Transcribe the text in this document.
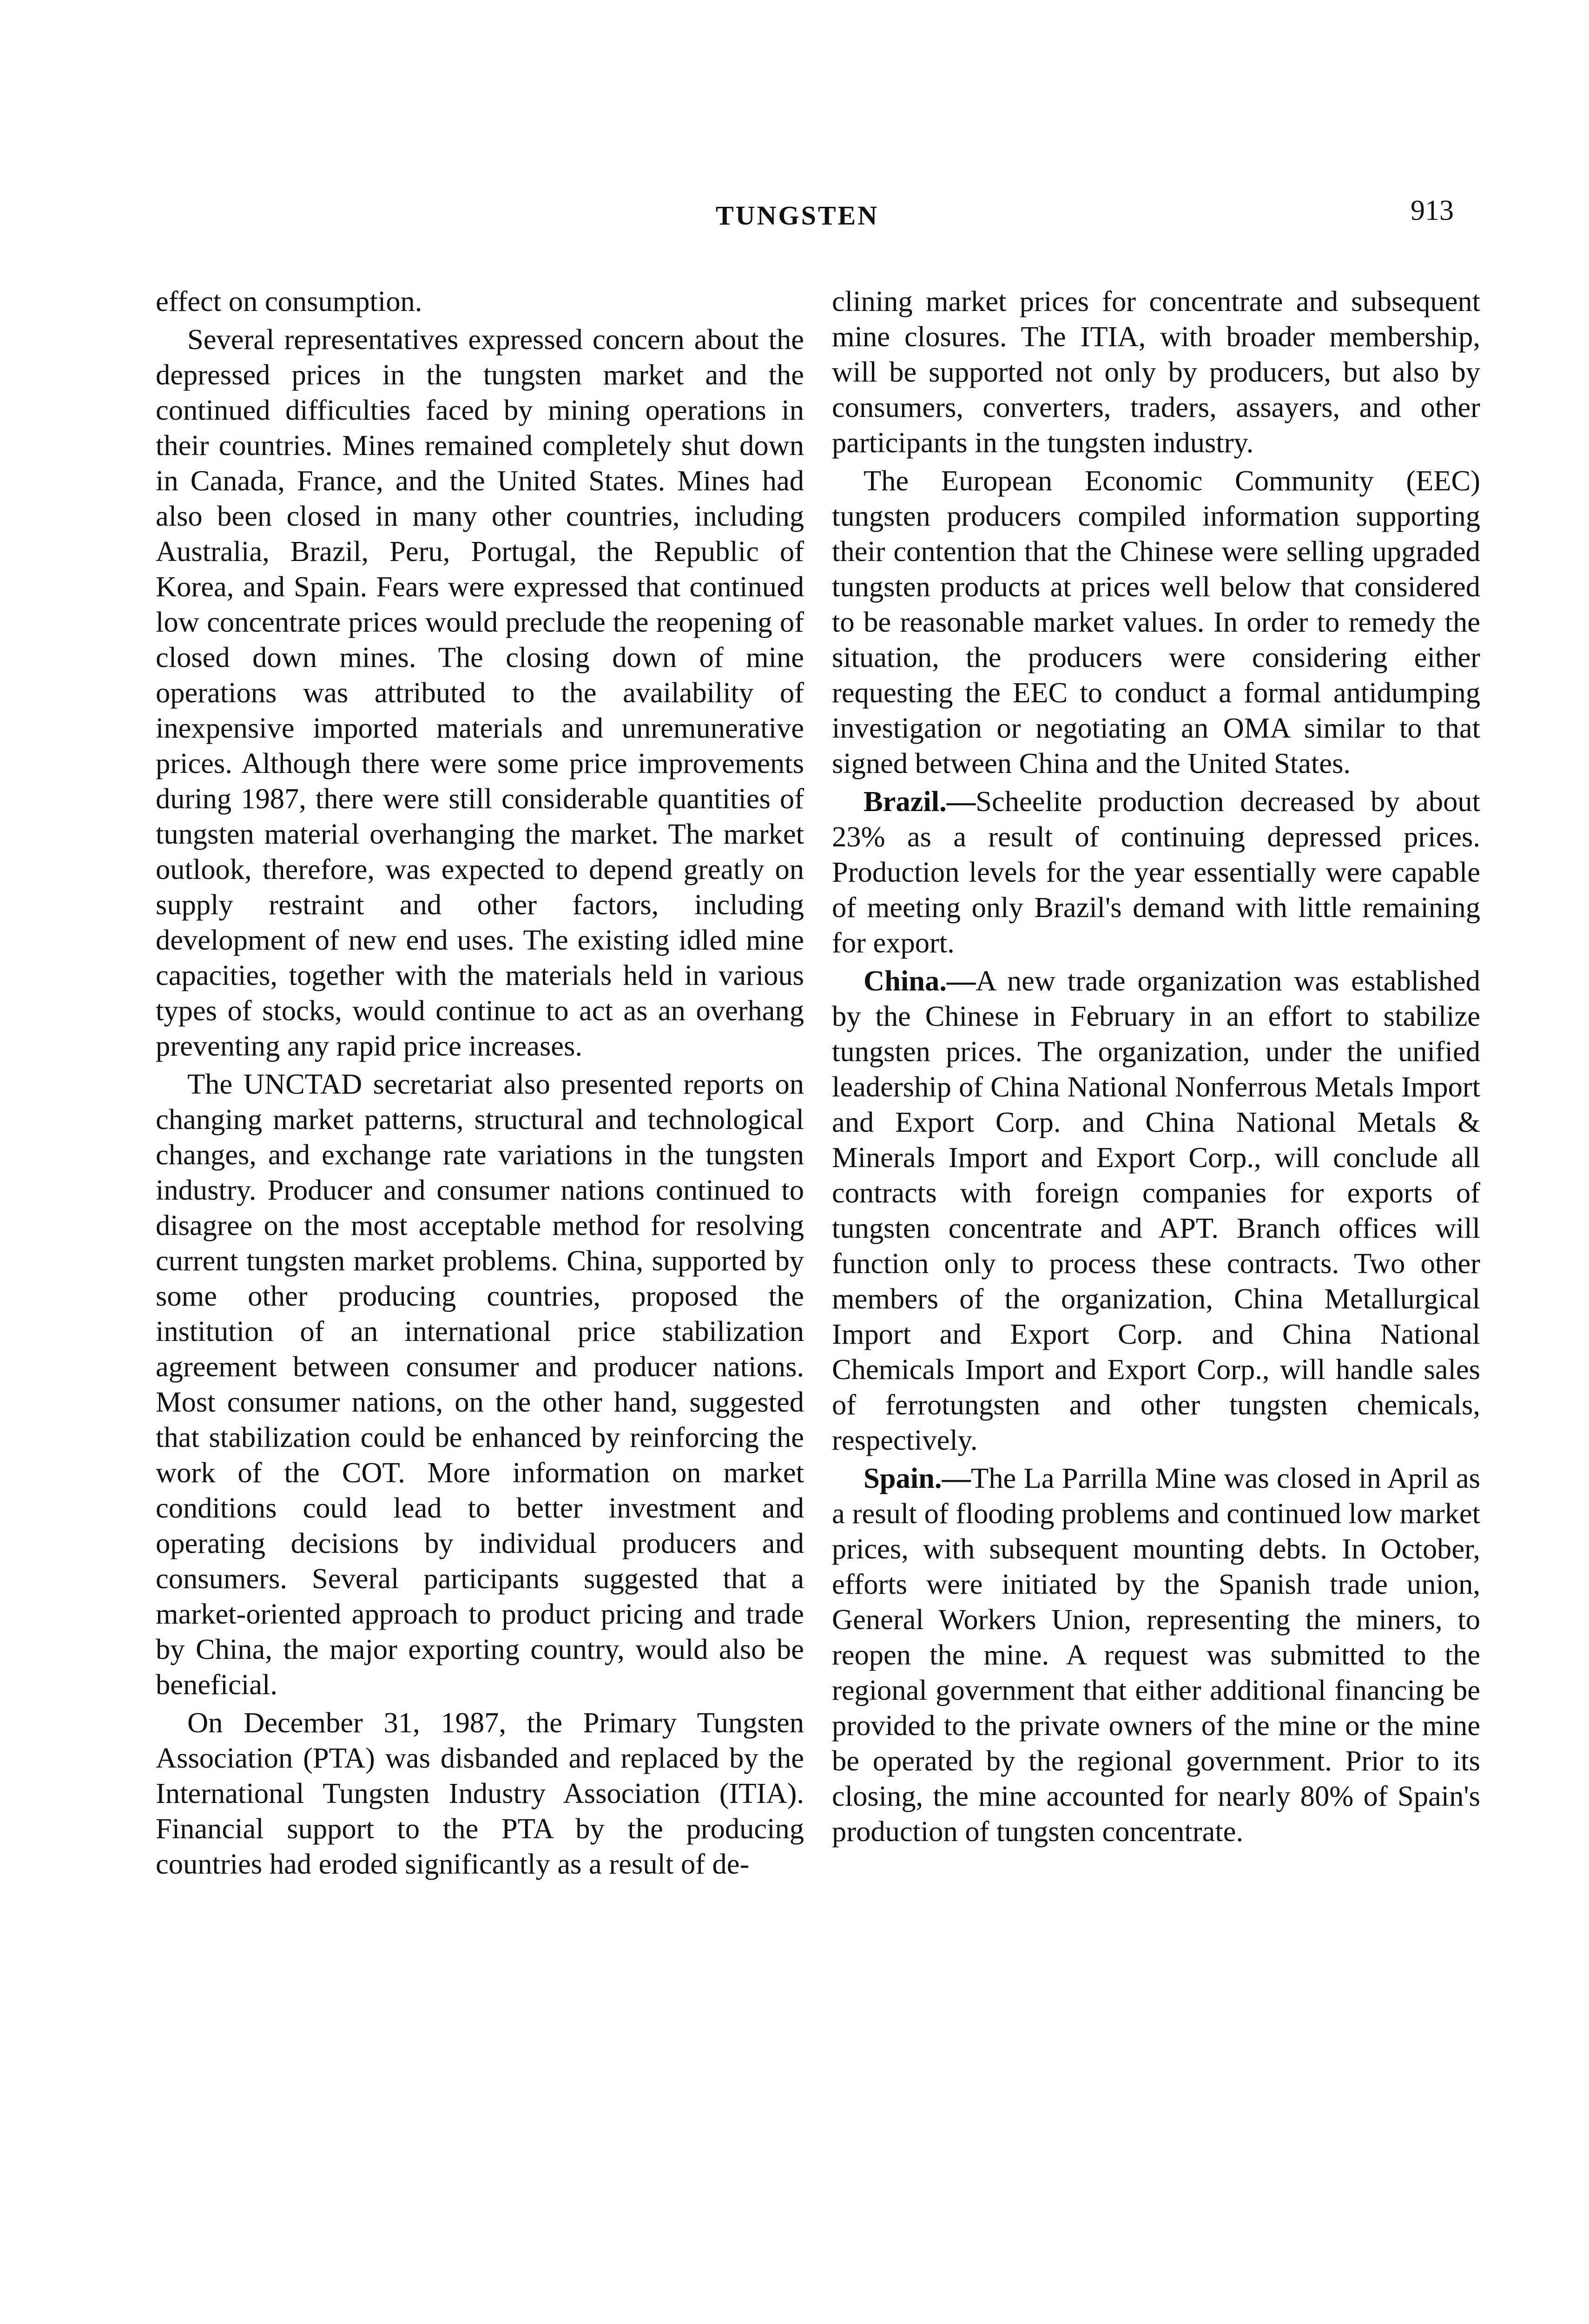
TUNGSTEN	913

effect on consumption.

Several representatives expressed concern about the depressed prices in the tungsten market and the continued difficulties faced by mining operations in their countries. Mines remained completely shut down in Canada, France, and the United States. Mines had also been closed in many other countries, including Australia, Brazil, Peru, Portugal, the Republic of Korea, and Spain. Fears were expressed that continued low concentrate prices would preclude the reopening of closed down mines. The closing down of mine operations was attributed to the availability of inexpensive imported materials and unremunerative prices. Although there were some price improvements during 1987, there were still considerable quantities of tungsten material overhanging the market. The market outlook, therefore, was expected to depend greatly on supply restraint and other factors, including development of new end uses. The existing idled mine capacities, together with the materials held in various types of stocks, would continue to act as an overhang preventing any rapid price increases.

The UNCTAD secretariat also presented reports on changing market patterns, structural and technological changes, and exchange rate variations in the tungsten industry. Producer and consumer nations continued to disagree on the most acceptable method for resolving current tungsten market problems. China, supported by some other producing countries, proposed the institution of an international price stabilization agreement between consumer and producer nations. Most consumer nations, on the other hand, suggested that stabilization could be enhanced by reinforcing the work of the COT. More information on market conditions could lead to better investment and operating decisions by individual producers and consumers. Several participants suggested that a market-oriented approach to product pricing and trade by China, the major exporting country, would also be beneficial.

On December 31, 1987, the Primary Tungsten Association (PTA) was disbanded and replaced by the International Tungsten Industry Association (ITIA). Financial support to the PTA by the producing countries had eroded significantly as a result of de-

clining market prices for concentrate and subsequent mine closures. The ITIA, with broader membership, will be supported not only by producers, but also by consumers, converters, traders, assayers, and other participants in the tungsten industry.

The European Economic Community (EEC) tungsten producers compiled information supporting their contention that the Chinese were selling upgraded tungsten products at prices well below that considered to be reasonable market values. In order to remedy the situation, the producers were considering either requesting the EEC to conduct a formal antidumping investigation or negotiating an OMA similar to that signed between China and the United States.

Brazil.—Scheelite production decreased by about 23% as a result of continuing depressed prices. Production levels for the year essentially were capable of meeting only Brazil's demand with little remaining for export.

China.—A new trade organization was established by the Chinese in February in an effort to stabilize tungsten prices. The organization, under the unified leadership of China National Nonferrous Metals Import and Export Corp. and China National Metals & Minerals Import and Export Corp., will conclude all contracts with foreign companies for exports of tungsten concentrate and APT. Branch offices will function only to process these contracts. Two other members of the organization, China Metallurgical Import and Export Corp. and China National Chemicals Import and Export Corp., will handle sales of ferrotungsten and other tungsten chemicals, respectively.

Spain.—The La Parrilla Mine was closed in April as a result of flooding problems and continued low market prices, with subsequent mounting debts. In October, efforts were initiated by the Spanish trade union, General Workers Union, representing the miners, to reopen the mine. A request was submitted to the regional government that either additional financing be provided to the private owners of the mine or the mine be operated by the regional government. Prior to its closing, the mine accounted for nearly 80% of Spain's production of tungsten concentrate.
